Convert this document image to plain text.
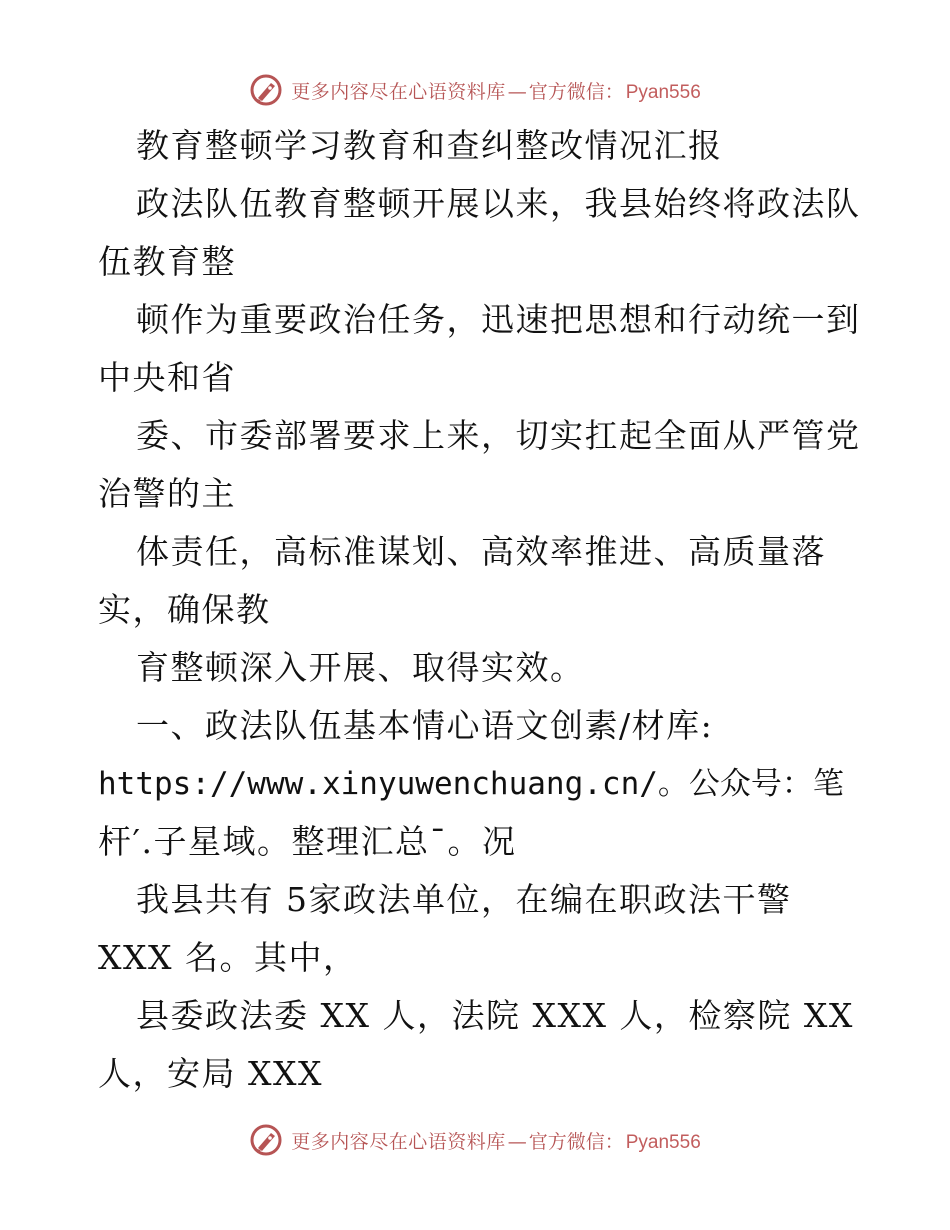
更多内容尽在心语资料库 — 官方微信： Pyan556
教育整顿学习教育和查纠整改情况汇报
政法队伍教育整顿开展以来，我县始终将政法队
伍教育整
顿作为重要政治任务，迅速把思想和行动统一到
中央和省
委、市委部署要求上来，切实扛起全面从严管党
治警的主
体责任，高标准谋划、高效率推进、高质量落
实，确保教
育整顿深入开展、取得实效。
一、政法队伍基本情心语文创素/材库:
https://www.xinyuwenchuang.cn/。公众号：笔
杆′.子星域。整理汇总¯。况
我县共有 5家政法单位，在编在职政法干警
XXX 名。其中，
县委政法委 XX 人，法院 XXX 人，检察院 XX
人，安局 XXX
更多内容尽在心语资料库 — 官方微信： Pyan556
